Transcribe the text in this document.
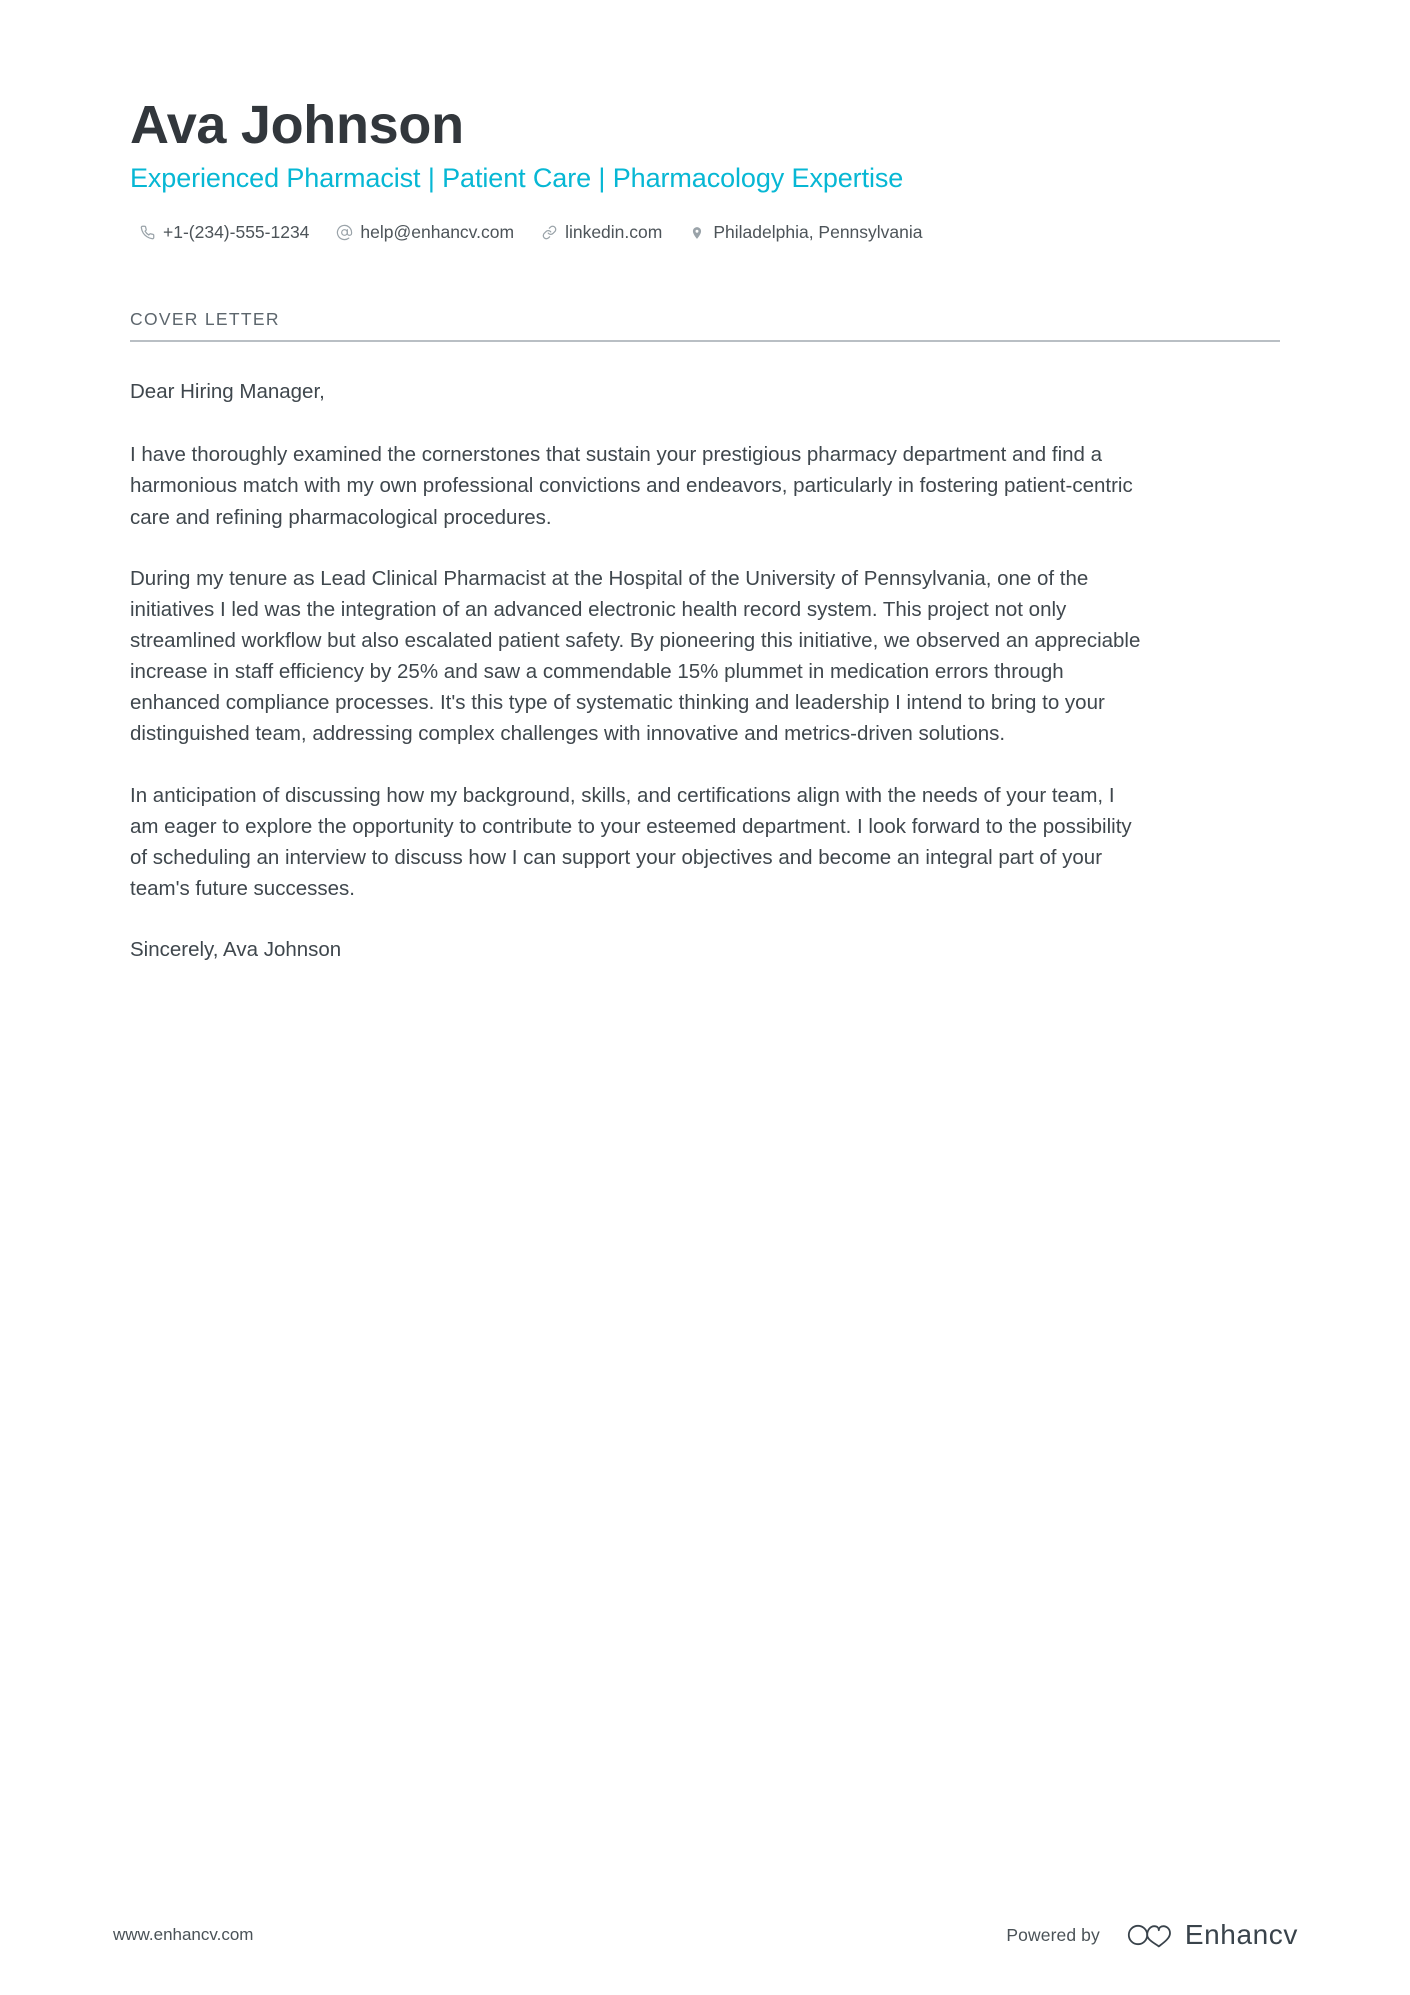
Ava Johnson
Experienced Pharmacist | Patient Care | Pharmacology Expertise
+1-(234)-555-1234	help@enhancv.com	linkedin.com	Philadelphia, Pennsylvania
COVER LETTER

Dear Hiring Manager,

I have thoroughly examined the cornerstones that sustain your prestigious pharmacy department and find a harmonious match with my own professional convictions and endeavors, particularly in fostering patient-centric care and refining pharmacological procedures.

During my tenure as Lead Clinical Pharmacist at the Hospital of the University of Pennsylvania, one of the initiatives I led was the integration of an advanced electronic health record system. This project not only streamlined workflow but also escalated patient safety. By pioneering this initiative, we observed an appreciable increase in staff efficiency by 25% and saw a commendable 15% plummet in medication errors through enhanced compliance processes. It's this type of systematic thinking and leadership I intend to bring to your distinguished team, addressing complex challenges with innovative and metrics-driven solutions.

In anticipation of discussing how my background, skills, and certifications align with the needs of your team, I am eager to explore the opportunity to contribute to your esteemed department. I look forward to the possibility of scheduling an interview to discuss how I can support your objectives and become an integral part of your team's future successes.

Sincerely, Ava Johnson

www.enhancv.com	Powered by	Enhancv
